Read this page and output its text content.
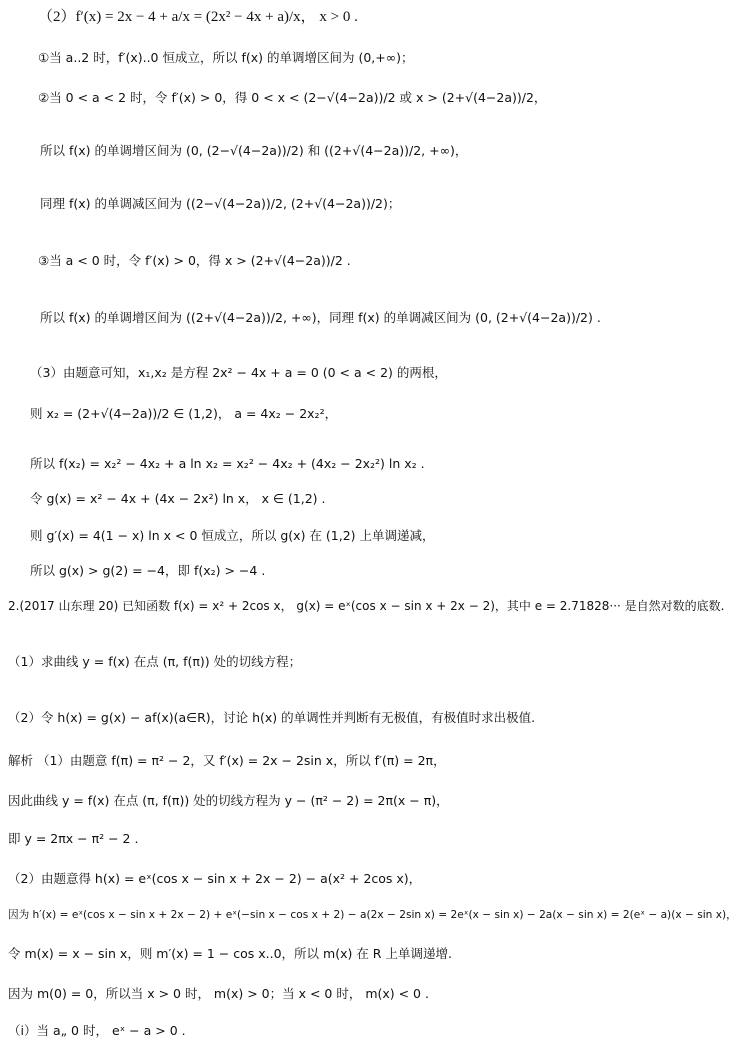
（2）f′(x) = 2x − 4 + a/x = (2x² − 4x + a)/x， x > 0 .
①当 a..2 时，f′(x)..0 恒成立，所以 f(x) 的单调增区间为 (0,+∞)；
②当 0 < a < 2 时，令 f′(x) > 0，得 0 < x < (2−√(4−2a))/2 或 x > (2+√(4−2a))/2，
所以 f(x) 的单调增区间为 (0, (2−√(4−2a))/2) 和 ((2+√(4−2a))/2, +∞)，
同理 f(x) 的单调减区间为 ((2−√(4−2a))/2, (2+√(4−2a))/2)；
③当 a < 0 时，令 f′(x) > 0，得 x > (2+√(4−2a))/2 .
所以 f(x) 的单调增区间为 ((2+√(4−2a))/2, +∞)，同理 f(x) 的单调减区间为 (0, (2+√(4−2a))/2) .
（3）由题意可知，x₁,x₂ 是方程 2x² − 4x + a = 0 (0 < a < 2) 的两根，
则 x₂ = (2+√(4−2a))/2 ∈ (1,2)， a = 4x₂ − 2x₂²，
所以 f(x₂) = x₂² − 4x₂ + a ln x₂ = x₂² − 4x₂ + (4x₂ − 2x₂²) ln x₂ .
令 g(x) = x² − 4x + (4x − 2x²) ln x， x ∈ (1,2) .
则 g′(x) = 4(1 − x) ln x < 0 恒成立，所以 g(x) 在 (1,2) 上单调递减，
所以 g(x) > g(2) = −4，即 f(x₂) > −4 .
2.(2017 山东理 20) 已知函数 f(x) = x² + 2cos x， g(x) = eˣ(cos x − sin x + 2x − 2)，其中 e = 2.71828··· 是自然对数的底数.
（1）求曲线 y = f(x) 在点 (π, f(π)) 处的切线方程；
（2）令 h(x) = g(x) − af(x)(a∈R)，讨论 h(x) 的单调性并判断有无极值，有极值时求出极值.
解析 （1）由题意 f(π) = π² − 2，又 f′(x) = 2x − 2sin x，所以 f′(π) = 2π，
因此曲线 y = f(x) 在点 (π, f(π)) 处的切线方程为 y − (π² − 2) = 2π(x − π)，
即 y = 2πx − π² − 2 .
（2）由题意得 h(x) = eˣ(cos x − sin x + 2x − 2) − a(x² + 2cos x)，
因为 h′(x) = eˣ(cos x − sin x + 2x − 2) + eˣ(−sin x − cos x + 2) − a(2x − 2sin x) = 2eˣ(x − sin x) − 2a(x − sin x) = 2(eˣ − a)(x − sin x)，
令 m(x) = x − sin x，则 m′(x) = 1 − cos x..0，所以 m(x) 在 R 上单调递增.
因为 m(0) = 0，所以当 x > 0 时， m(x) > 0；当 x < 0 时， m(x) < 0 .
（i）当 a„ 0 时， eˣ − a > 0 .
